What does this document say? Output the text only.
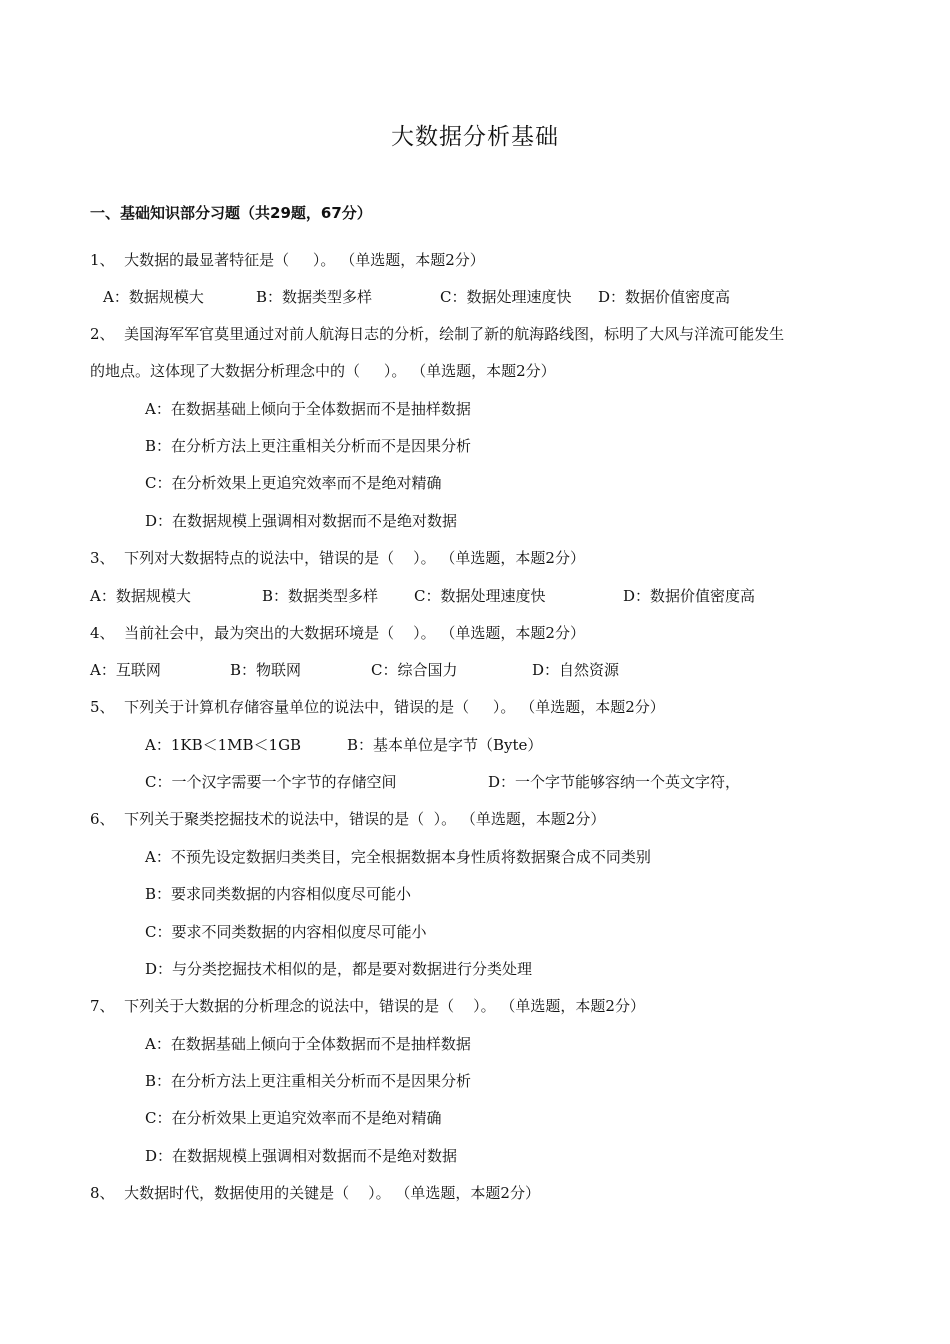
大数据分析基础
一、基础知识部分习题（共29题，67分）
1、  大数据的最显著特征是（     ）。 （单选题，本题2分）
A：数据规模大	B：数据类型多样	C：数据处理速度快 D：数据价值密度高
2、  美国海军军官莫里通过对前人航海日志的分析，绘制了新的航海路线图，标明了大风与洋流可能发生
的地点。这体现了大数据分析理念中的（     ）。 （单选题，本题2分）
A：在数据基础上倾向于全体数据而不是抽样数据
B：在分析方法上更注重相关分析而不是因果分析
C：在分析效果上更追究效率而不是绝对精确
D：在数据规模上强调相对数据而不是绝对数据
3、  下列对大数据特点的说法中，错误的是（    ）。 （单选题，本题2分）
A：数据规模大	B：数据类型多样 C：数据处理速度快	D：数据价值密度高
4、  当前社会中，最为突出的大数据环境是（    ）。 （单选题，本题2分）
A：互联网	B：物联网	C：综合国力	D：自然资源
5、  下列关于计算机存储容量单位的说法中，错误的是（     ）。 （单选题，本题2分）
A：1KB＜1MB＜1GB	B：基本单位是字节（Byte）
C：一个汉字需要一个字节的存储空间	D：一个字节能够容纳一个英文字符，
6、  下列关于聚类挖掘技术的说法中，错误的是（  ）。 （单选题，本题2分）
A：不预先设定数据归类类目，完全根据数据本身性质将数据聚合成不同类别
B：要求同类数据的内容相似度尽可能小
C：要求不同类数据的内容相似度尽可能小
D：与分类挖掘技术相似的是，都是要对数据进行分类处理
7、  下列关于大数据的分析理念的说法中，错误的是（    ）。 （单选题，本题2分）
A：在数据基础上倾向于全体数据而不是抽样数据
B：在分析方法上更注重相关分析而不是因果分析
C：在分析效果上更追究效率而不是绝对精确
D：在数据规模上强调相对数据而不是绝对数据
8、  大数据时代，数据使用的关键是（    ）。 （单选题，本题2分）
